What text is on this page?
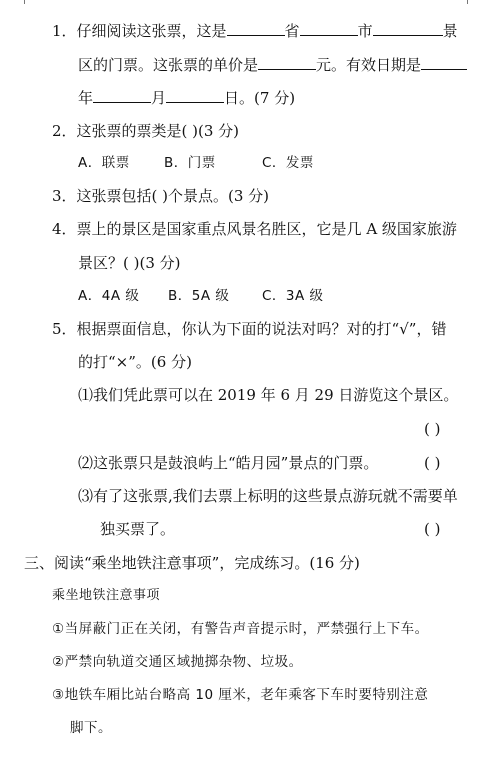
1．仔细阅读这张票，这是	省	市	景
区的门票。这张票的单价是	元。有效日期是
年	月	日。(7 分)
2．这张票的票类是( )(3 分)
A．联票	B．门票	C．发票
3．这张票包括( )个景点。(3 分)
4．票上的景区是国家重点风景名胜区，它是几 A 级国家旅游
景区？( )(3 分)
A．4A 级 B．5A 级 C．3A 级
5．根据票面信息，你认为下面的说法对吗？对的打“√”，错
的打“×”。(6 分)
⑴我们凭此票可以在 2019 年 6 月 29 日游览这个景区。
( )
⑵这张票只是鼓浪屿上“皓月园”景点的门票。	( )
⑶有了这张票,我们去票上标明的这些景点游玩就不需要单
独买票了。	( )
三、阅读“乘坐地铁注意事项”，完成练习。(16 分)
乘坐地铁注意事项
①当屏蔽门正在关闭，有警告声音提示时，严禁强行上下车。
②严禁向轨道交通区域抛掷杂物、垃圾。
③地铁车厢比站台略高 10 厘米，老年乘客下车时要特别注意
脚下。
